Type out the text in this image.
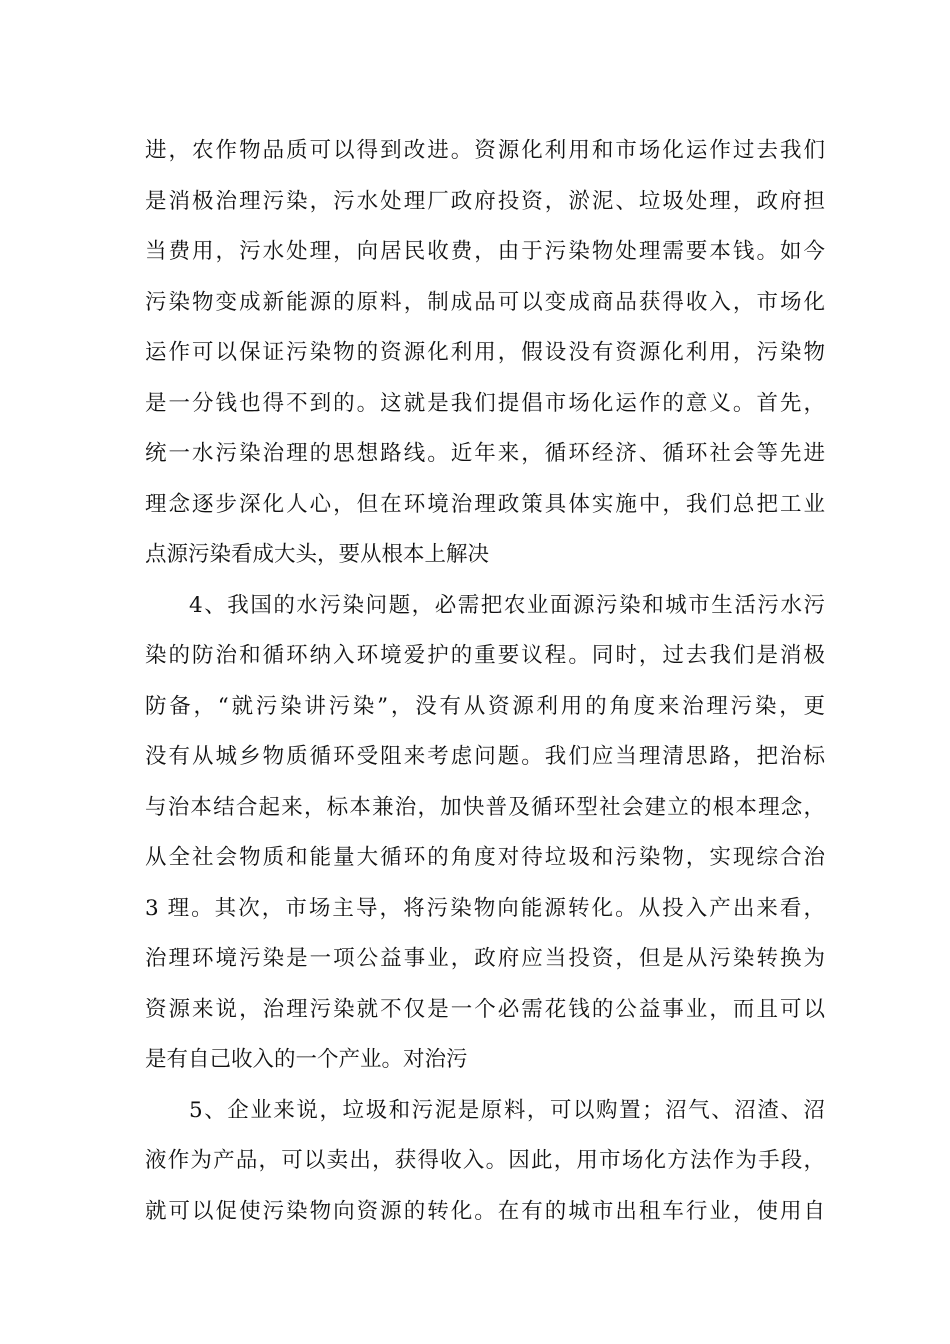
进，农作物品质可以得到改进。资源化利用和市场化运作过去我们
是消极治理污染，污水处理厂政府投资，淤泥、垃圾处理，政府担
当费用，污水处理，向居民收费，由于污染物处理需要本钱。如今
污染物变成新能源的原料，制成品可以变成商品获得收入，市场化
运作可以保证污染物的资源化利用，假设没有资源化利用，污染物
是一分钱也得不到的。这就是我们提倡市场化运作的意义。首先，
统一水污染治理的思想路线。近年来，循环经济、循环社会等先进
理念逐步深化人心，但在环境治理政策具体实施中，我们总把工业
点源污染看成大头，要从根本上解决
4、我国的水污染问题，必需把农业面源污染和城市生活污水污
染的防治和循环纳入环境爱护的重要议程。同时，过去我们是消极
防备，“就污染讲污染”，没有从资源利用的角度来治理污染，更
没有从城乡物质循环受阻来考虑问题。我们应当理清思路，把治标
与治本结合起来，标本兼治，加快普及循环型社会建立的根本理念，
从全社会物质和能量大循环的角度对待垃圾和污染物，实现综合治
3 理。其次，市场主导，将污染物向能源转化。从投入产出来看，
治理环境污染是一项公益事业，政府应当投资，但是从污染转换为
资源来说，治理污染就不仅是一个必需花钱的公益事业，而且可以
是有自己收入的一个产业。对治污
5、企业来说，垃圾和污泥是原料，可以购置；沼气、沼渣、沼
液作为产品，可以卖出，获得收入。因此，用市场化方法作为手段，
就可以促使污染物向资源的转化。在有的城市出租车行业，使用自
